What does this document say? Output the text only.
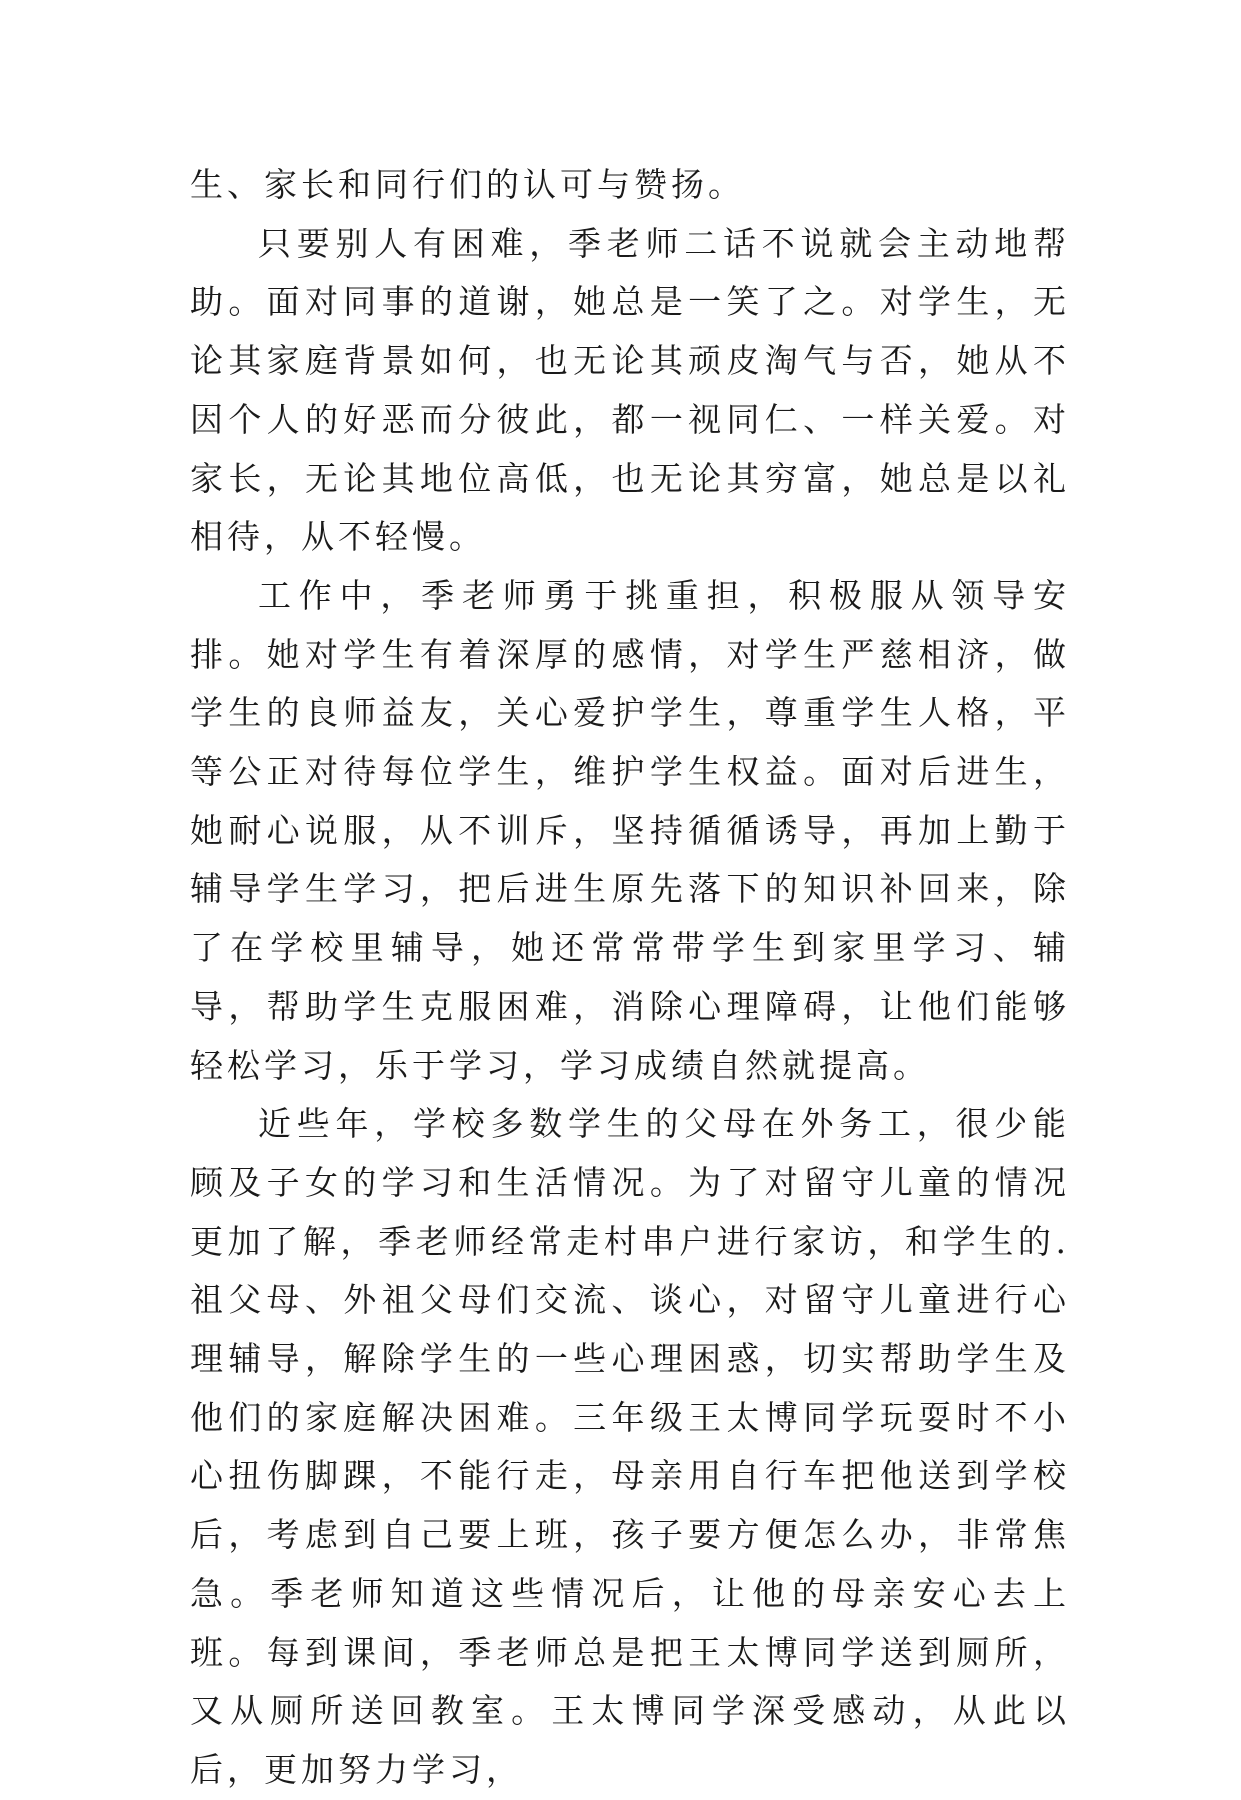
生、家长和同行们的认可与赞扬。

只要别人有困难，季老师二话不说就会主动地帮助。面对同事的道谢，她总是一笑了之。对学生，无论其家庭背景如何，也无论其顽皮淘气与否，她从不因个人的好恶而分彼此，都一视同仁、一样关爱。对家长，无论其地位高低，也无论其穷富，她总是以礼相待，从不轻慢。

工作中，季老师勇于挑重担，积极服从领导安排。她对学生有着深厚的感情，对学生严慈相济，做学生的良师益友，关心爱护学生，尊重学生人格，平等公正对待每位学生，维护学生权益。面对后进生，她耐心说服，从不训斥，坚持循循诱导，再加上勤于辅导学生学习，把后进生原先落下的知识补回来，除了在学校里辅导，她还常常带学生到家里学习、辅导，帮助学生克服困难，消除心理障碍，让他们能够轻松学习，乐于学习，学习成绩自然就提高。

近些年，学校多数学生的父母在外务工，很少能顾及子女的学习和生活情况。为了对留守儿童的情况更加了解，季老师经常走村串户进行家访，和学生的.祖父母、外祖父母们交流、谈心，对留守儿童进行心理辅导，解除学生的一些心理困惑，切实帮助学生及他们的家庭解决困难。三年级王太博同学玩耍时不小心扭伤脚踝，不能行走，母亲用自行车把他送到学校后，考虑到自己要上班，孩子要方便怎么办，非常焦急。季老师知道这些情况后，让他的母亲安心去上班。每到课间，季老师总是把王太博同学送到厕所，又从厕所送回教室。王太博同学深受感动，从此以后，更加努力学习，
